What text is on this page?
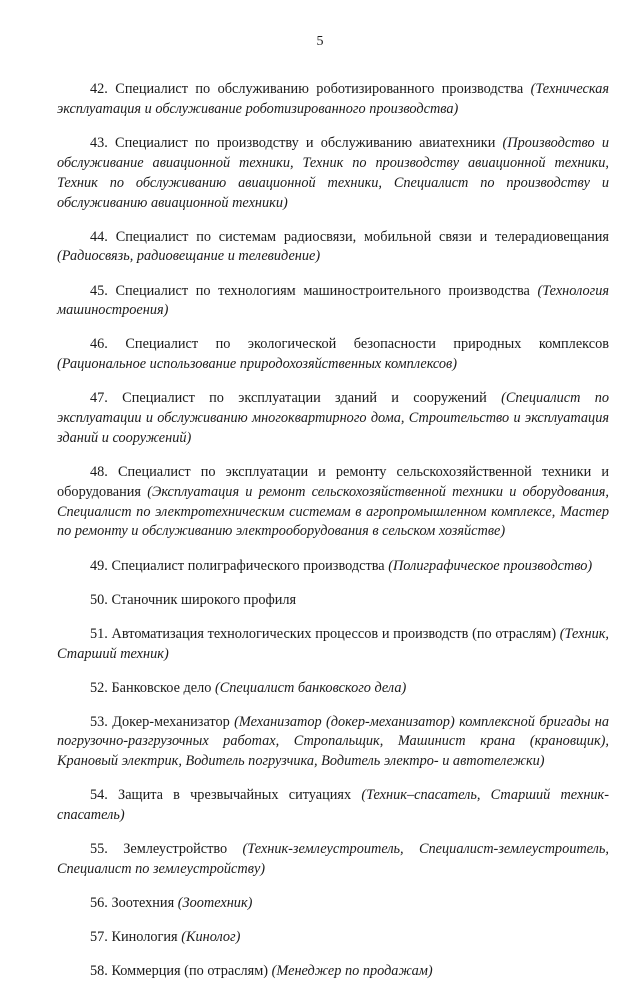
5

42. Специалист по обслуживанию роботизированного производства (Техническая эксплуатация и обслуживание роботизированного производства)

43. Специалист по производству и обслуживанию авиатехники (Производство и обслуживание авиационной техники, Техник по производству авиационной техники, Техник по обслуживанию авиационной техники, Специалист по производству и обслуживанию авиационной техники)

44. Специалист по системам радиосвязи, мобильной связи и телерадиовещания (Радиосвязь, радиовещание и телевидение)

45. Специалист по технологиям машиностроительного производства (Технология машиностроения)

46. Специалист по экологической безопасности природных комплексов (Рациональное использование природохозяйственных комплексов)

47. Специалист по эксплуатации зданий и сооружений (Специалист по эксплуатации и обслуживанию многоквартирного дома, Строительство и эксплуатация зданий и сооружений)

48. Специалист по эксплуатации и ремонту сельскохозяйственной техники и оборудования (Эксплуатация и ремонт сельскохозяйственной техники и оборудования, Специалист по электротехническим системам в агропромышленном комплексе, Мастер по ремонту и обслуживанию электрооборудования в сельском хозяйстве)

49. Специалист полиграфического производства (Полиграфическое производство)

50. Станочник широкого профиля

51. Автоматизация технологических процессов и производств (по отраслям) (Техник, Старший техник)

52. Банковское дело (Специалист банковского дела)

53. Докер-механизатор (Механизатор (докер-механизатор) комплексной бригады на погрузочно-разгрузочных работах, Стропальщик, Машинист крана (крановщик), Крановый электрик, Водитель погрузчика, Водитель электро- и автотележки)

54. Защита в чрезвычайных ситуациях (Техник–спасатель, Старший техник-спасатель)

55. Землеустройство (Техник-землеустроитель, Специалист-землеустроитель, Специалист по землеустройству)

56. Зоотехния (Зоотехник)

57. Кинология (Кинолог)

58. Коммерция (по отраслям) (Менеджер по продажам)
